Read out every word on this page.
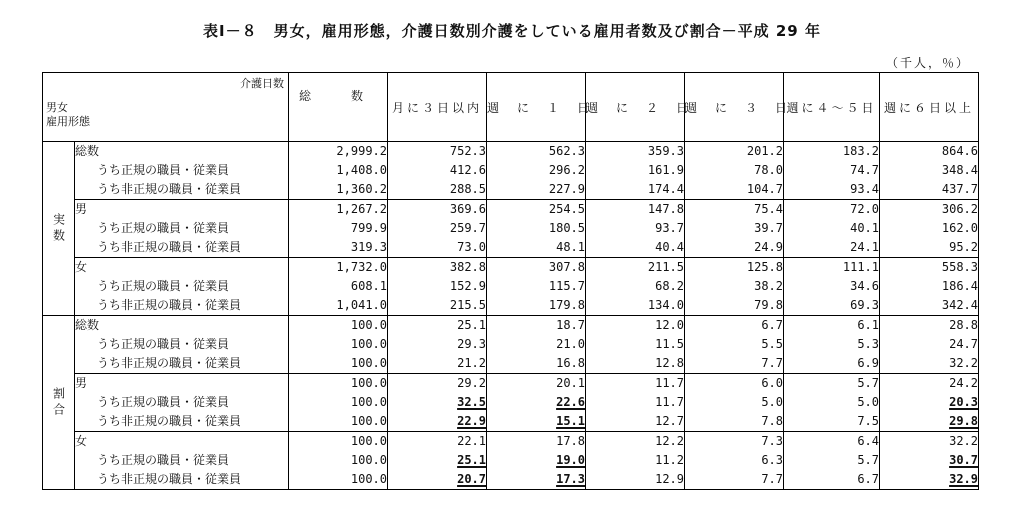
表Ⅰ－８　男女，雇用形態，介護日数別介護をしている雇用者数及び割合－平成 29 年
（千人，％）
介護日数
男女
雇用形態		総　数	月に３日以内	週　に　１　日	週　に　２　日	週　に　３　日	週に４～５日	週に６日以上
実数	総数	2,999.2	752.3	562.3	359.3	201.2	183.2	864.6
	うち正規の職員・従業員	1,408.0	412.6	296.2	161.9	78.0	74.7	348.4
	うち非正規の職員・従業員	1,360.2	288.5	227.9	174.4	104.7	93.4	437.7
	男	1,267.2	369.6	254.5	147.8	75.4	72.0	306.2
	うち正規の職員・従業員	799.9	259.7	180.5	93.7	39.7	40.1	162.0
	うち非正規の職員・従業員	319.3	73.0	48.1	40.4	24.9	24.1	95.2
	女	1,732.0	382.8	307.8	211.5	125.8	111.1	558.3
	うち正規の職員・従業員	608.1	152.9	115.7	68.2	38.2	34.6	186.4
	うち非正規の職員・従業員	1,041.0	215.5	179.8	134.0	79.8	69.3	342.4
割合	総数	100.0	25.1	18.7	12.0	6.7	6.1	28.8
	うち正規の職員・従業員	100.0	29.3	21.0	11.5	5.5	5.3	24.7
	うち非正規の職員・従業員	100.0	21.2	16.8	12.8	7.7	6.9	32.2
	男	100.0	29.2	20.1	11.7	6.0	5.7	24.2
	うち正規の職員・従業員	100.0	32.5	22.6	11.7	5.0	5.0	20.3
	うち非正規の職員・従業員	100.0	22.9	15.1	12.7	7.8	7.5	29.8
	女	100.0	22.1	17.8	12.2	7.3	6.4	32.2
	うち正規の職員・従業員	100.0	25.1	19.0	11.2	6.3	5.7	30.7
	うち非正規の職員・従業員	100.0	20.7	17.3	12.9	7.7	6.7	32.9
